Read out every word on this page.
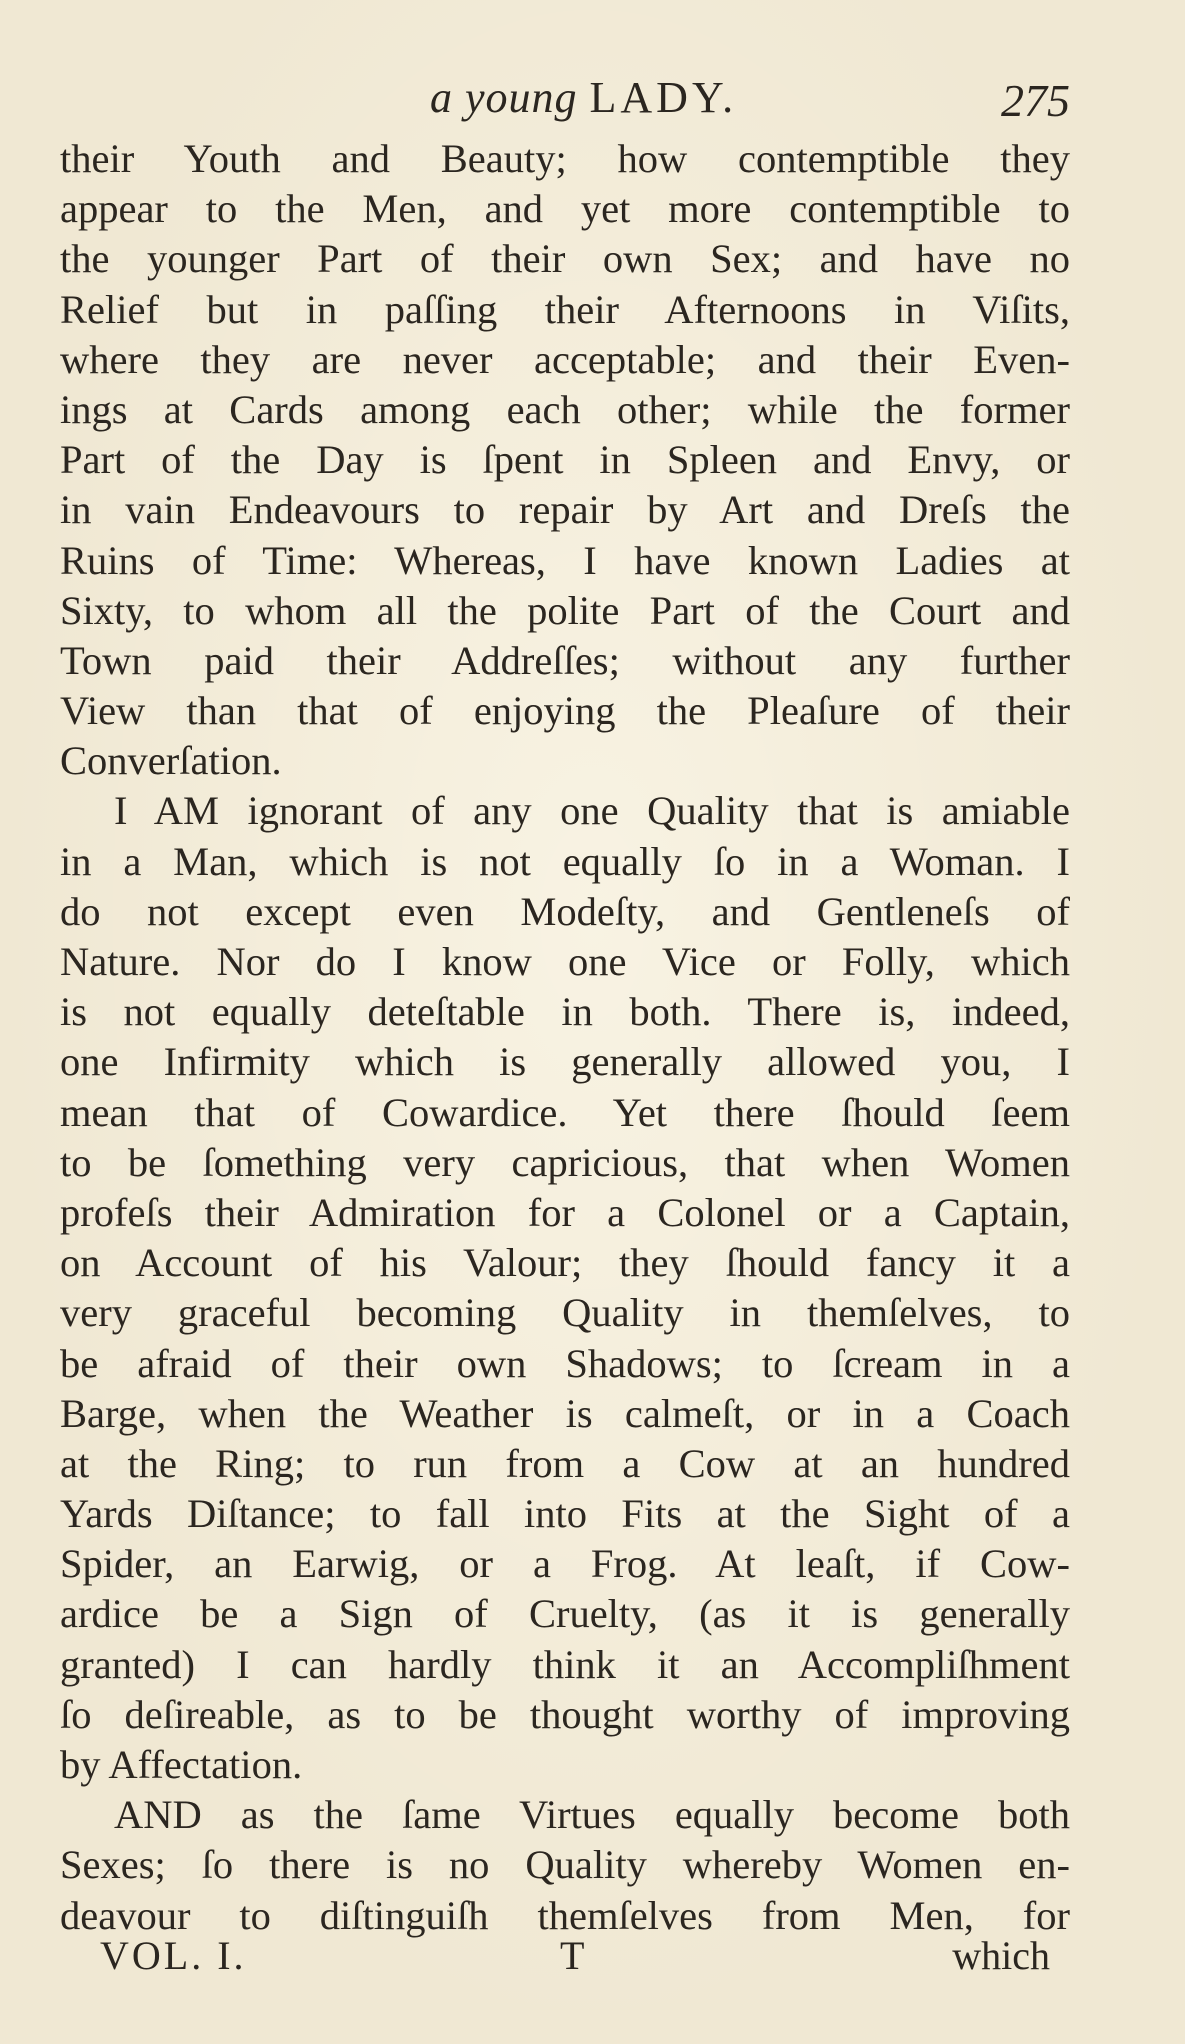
a young LADY.	275
their Youth and Beauty; how contemptible they
appear to the Men, and yet more contemptible to
the younger Part of their own Sex; and have no
Relief but in paſſing their Afternoons in Viſits,
where they are never acceptable; and their Even-
ings at Cards among each other; while the former
Part of the Day is ſpent in Spleen and Envy, or
in vain Endeavours to repair by Art and Dreſs the
Ruins of Time: Whereas, I have known Ladies at
Sixty, to whom all the polite Part of the Court and
Town paid their Addreſſes; without any further
View than that of enjoying the Pleaſure of their
Converſation.
I AM ignorant of any one Quality that is amiable
in a Man, which is not equally ſo in a Woman. I
do not except even Modeſty, and Gentleneſs of
Nature. Nor do I know one Vice or Folly, which
is not equally deteſtable in both. There is, indeed,
one Infirmity which is generally allowed you, I
mean that of Cowardice. Yet there ſhould ſeem
to be ſomething very capricious, that when Women
profeſs their Admiration for a Colonel or a Captain,
on Account of his Valour; they ſhould fancy it a
very graceful becoming Quality in themſelves, to
be afraid of their own Shadows; to ſcream in a
Barge, when the Weather is calmeſt, or in a Coach
at the Ring; to run from a Cow at an hundred
Yards Diſtance; to fall into Fits at the Sight of a
Spider, an Earwig, or a Frog. At leaſt, if Cow-
ardice be a Sign of Cruelty, (as it is generally
granted) I can hardly think it an Accompliſhment
ſo deſireable, as to be thought worthy of improving
by Affectation.
AND as the ſame Virtues equally become both
Sexes; ſo there is no Quality whereby Women en-
deavour to diſtinguiſh themſelves from Men, for
VOL. I.	T	which
